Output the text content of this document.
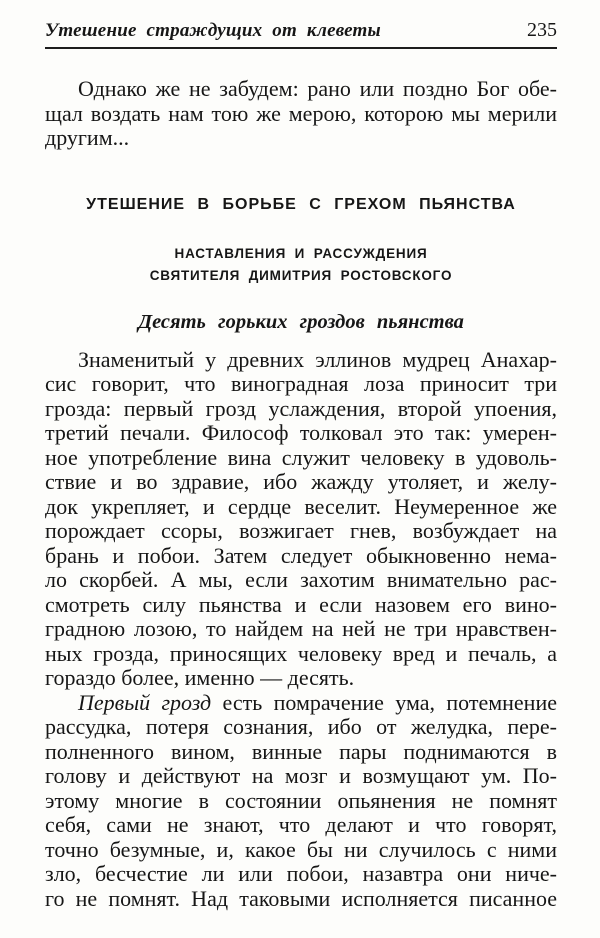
Утешение страждущих от клеветы	235
Однако же не забудем: рано или поздно Бог обе-
щал воздать нам тою же мерою, которою мы мерили
другим...
УТЕШЕНИЕ В БОРЬБЕ С ГРЕХОМ ПЬЯНСТВА
НАСТАВЛЕНИЯ И РАССУЖДЕНИЯ
СВЯТИТЕЛЯ ДИМИТРИЯ РОСТОВСКОГО
Десять горьких гроздов пьянства
Знаменитый у древних эллинов мудрец Анахар-
сис говорит, что виноградная лоза приносит три
грозда: первый грозд услаждения, второй упоения,
третий печали. Философ толковал это так: умерен-
ное употребление вина служит человеку в удоволь-
ствие и во здравие, ибо жажду утоляет, и желу-
док укрепляет, и сердце веселит. Неумеренное же
порождает ссоры, возжигает гнев, возбуждает на
брань и побои. Затем следует обыкновенно нема-
ло скорбей. А мы, если захотим внимательно рас-
смотреть силу пьянства и если назовем его вино-
градною лозою, то найдем на ней не три нравствен-
ных грозда, приносящих человеку вред и печаль, а
гораздо более, именно — десять.
Первый грозд есть помрачение ума, потемнение
рассудка, потеря сознания, ибо от желудка, пере-
полненного вином, винные пары поднимаются в
голову и действуют на мозг и возмущают ум. По-
этому многие в состоянии опьянения не помнят
себя, сами не знают, что делают и что говорят,
точно безумные, и, какое бы ни случилось с ними
зло, бесчестие ли или побои, назавтра они ниче-
го не помнят. Над таковыми исполняется писанное
